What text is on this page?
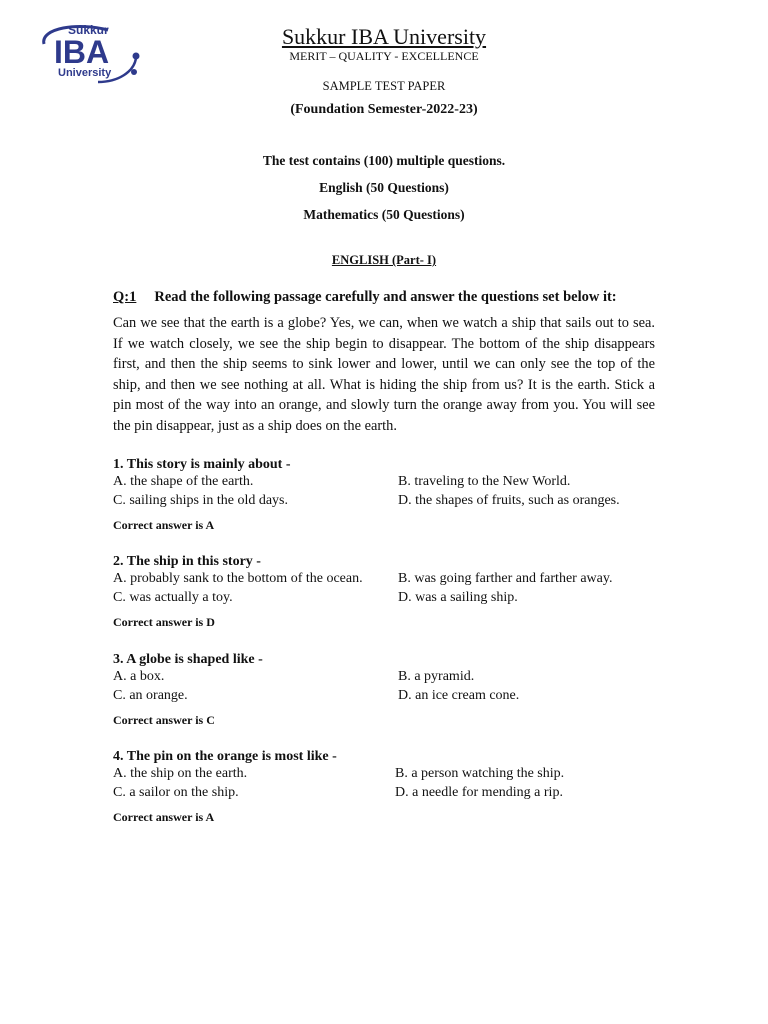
Sukkur
IBA
University
Sukkur IBA University
MERIT – QUALITY - EXCELLENCE
SAMPLE TEST PAPER
(Foundation Semester-2022-23)
The test contains (100) multiple questions.
English (50 Questions)
Mathematics (50 Questions)
ENGLISH (Part- I)
Q:1 Read the following passage carefully and answer the questions set below it:

Can we see that the earth is a globe? Yes, we can, when we watch a ship that sails out to sea. If we watch closely, we see the ship begin to disappear. The bottom of the ship disappears first, and then the ship seems to sink lower and lower, until we can only see the top of the ship, and then we see nothing at all. What is hiding the ship from us? It is the earth. Stick a pin most of the way into an orange, and slowly turn the orange away from you. You will see the pin disappear, just as a ship does on the earth.

1. This story is mainly about -
A. the shape of the earth.	B. traveling to the New World.
C. sailing ships in the old days.	D. the shapes of fruits, such as oranges.
Correct answer is A
2. The ship in this story -
A. probably sank to the bottom of the ocean.	B. was going farther and farther away.
C. was actually a toy.	D. was a sailing ship.
Correct answer is D
3. A globe is shaped like -
A. a box.	B. a pyramid.
C. an orange.	D. an ice cream cone.
Correct answer is C
4. The pin on the orange is most like -
A. the ship on the earth.	B. a person watching the ship.
C. a sailor on the ship.	D. a needle for mending a rip.
Correct answer is A
